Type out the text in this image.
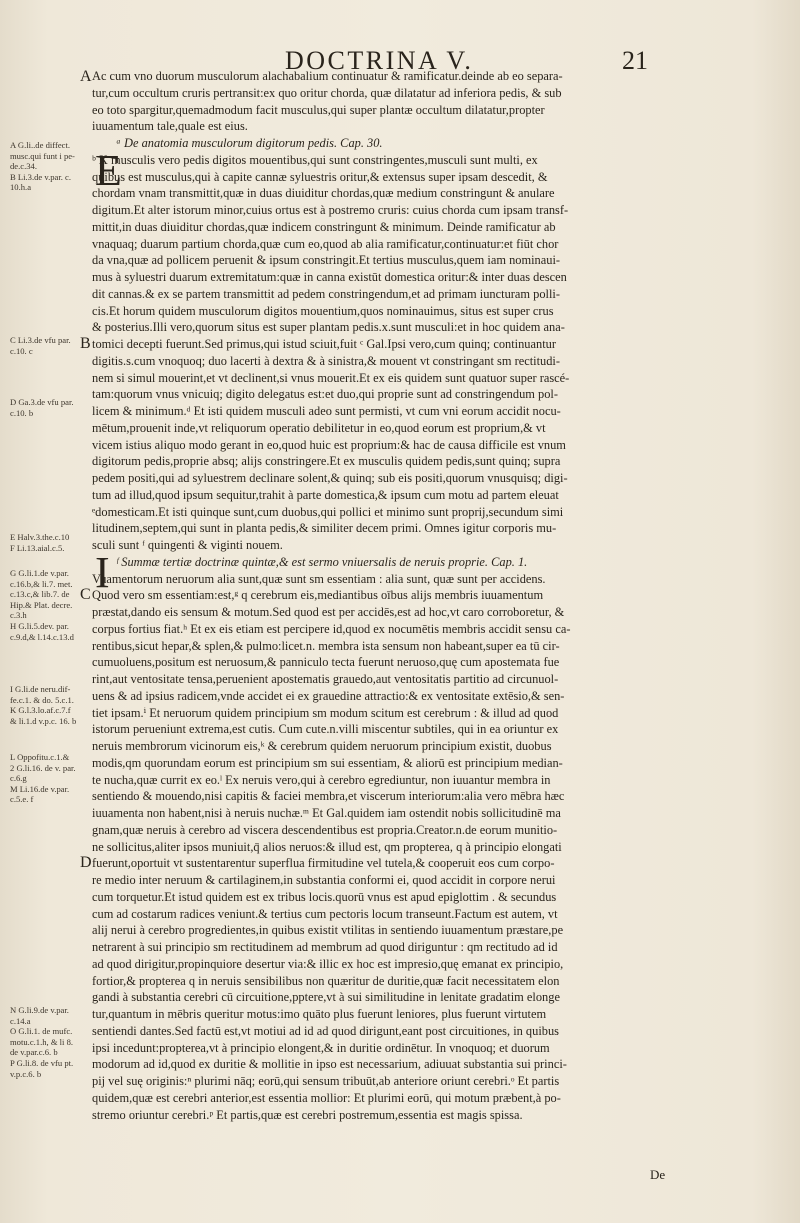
DOCTRINA V.	21
A
B
C
D
A G.li..de diffect.
musc.qui funt i pe-
de.c.34.
B Li.3.de v.par. c.
10.h.a
C Li.3.de vfu par.
c.10. c
D Ga.3.de vfu par.
c.10. b
E Halv.3.the.c.10
F Li.13.aial.c.5.
G G.li.1.de v.par.
c.16.b,& li.7. met.
c.13.c,& lib.7. de
Hip.& Plat. decre.
c.3.h
H G.li.5.dev. par.
c.9.d,& l.14.c.13.d
I G.li.de neru.dif-
fe.c.1. & do. 5.c.1.
K G.l.3.lo.af.c.7.f
& li.1.d v.p.c. 16. b
L Oppofitu.c.1.&
2 G.li.16. de v. par.
c.6.g
M Li.16.de v.par.
c.5.e. f
N G.li.9.de v.par.
c.14.a
O G.li.1. de mufc.
motu.c.1.h, & li 8.
de v.par.c.6. b
P G.li.8. de vfu pt.
v.p.c.6. b
E
I
Ac cum vno duorum musculorum alachabalium continuatur & ramificatur.deinde ab eo separa-
tur,cum occultum cruris pertransit:ex quo oritur chorda, quæ dilatatur ad inferiora pedis, & sub
eo toto spargitur,quemadmodum facit musculus,qui super plantæ occultum dilatatur,propter
iuuamentum tale,quale est eius.
ᵃ De anatomia musculorum digitorum pedis. Cap. 30.
ᵇ X musculis vero pedis digitos mouentibus,qui sunt constringentes,musculi sunt multi, ex
quibus est musculus,qui à capite cannæ syluestris oritur,& extensus super ipsam descedit, &
chordam vnam transmittit,quæ in duas diuiditur chordas,quæ medium constringunt & anulare
digitum.Et alter istorum minor,cuius ortus est à postremo cruris: cuius chorda cum ipsam transf-
mittit,in duas diuiditur chordas,quæ indicem constringunt & minimum. Deinde ramificatur ab
vnaquaq; duarum partium chorda,quæ cum eo,quod ab alia ramificatur,continuatur:et fiūt chor
da vna,quæ ad pollicem peruenit & ipsum constringit.Et tertius musculus,quem iam nominaui-
mus à syluestri duarum extremitatum:quæ in canna existūt domestica oritur:& inter duas descen
dit cannas.& ex se partem transmittit ad pedem constringendum,et ad primam iuncturam polli-
cis.Et horum quidem musculorum digitos mouentium,quos nominauimus, situs est super crus
& posterius.Illi vero,quorum situs est super plantam pedis.x.sunt musculi:et in hoc quidem ana-
tomici decepti fuerunt.Sed primus,qui istud sciuit,fuit ᶜ Gal.Ipsi vero,cum quinq; continuantur
digitis.s.cum vnoquoq; duo lacerti à dextra & à sinistra,& mouent vt constringant sm rectitudi-
nem si simul mouerint,et vt declinent,si vnus mouerit.Et ex eis quidem sunt quatuor super rascé-
tam:quorum vnus vnicuiq; digito delegatus est:et duo,qui proprie sunt ad constringendum pol-
licem & minimum.ᵈ Et isti quidem musculi adeo sunt permisti, vt cum vni eorum accidit nocu-
mētum,prouenit inde,vt reliquorum operatio debilitetur in eo,quod eorum est proprium,& vt
vicem istius aliquo modo gerant in eo,quod huic est proprium:& hac de causa difficile est vnum
digitorum pedis,proprie absq; alijs constringere.Et ex musculis quidem pedis,sunt quinq; supra
pedem positi,qui ad syluestrem declinare solent,& quinq; sub eis positi,quorum vnusquisq; digi-
tum ad illud,quod ipsum sequitur,trahit à parte domestica,& ipsum cum motu ad partem eleuat
ᵉdomesticam.Et isti quinque sunt,cum duobus,qui pollici et minimo sunt proprij,secundum simi
litudinem,septem,qui sunt in planta pedis,& similiter decem primi. Omnes igitur corporis mu-
sculi sunt ᶠ quingenti & viginti nouem.
ᶠ Summæ tertiæ doctrinæ quintæ,& est sermo vniuersalis de neruis proprie. Cap. 1.
Vuamentorum neruorum alia sunt,quæ sunt sm essentiam : alia sunt, quæ sunt per accidens.
Quod vero sm essentiam:est,ᵍ q cerebrum eis,mediantibus oībus alijs membris iuuamentum
præstat,dando eis sensum & motum.Sed quod est per accidēs,est ad hoc,vt caro corroboretur, &
corpus fortius fiat.ʰ Et ex eis etiam est percipere id,quod ex nocumētis membris accidit sensu ca-
rentibus,sicut hepar,& splen,& pulmo:licet.n. membra ista sensum non habeant,super ea tū cir-
cumuoluens,positum est neruosum,& panniculo tecta fuerunt neruoso,quę cum apostemata fue
rint,aut ventositate tensa,peruenient apostematis grauedo,aut ventositatis partitio ad circunuol-
uens & ad ipsius radicem,vnde accidet ei ex grauedine attractio:& ex ventositate extēsio,& sen-
tiet ipsam.ⁱ Et neruorum quidem principium sm modum scitum est cerebrum : & illud ad quod
istorum perueniunt extrema,est cutis. Cum cute.n.villi miscentur subtiles, qui in ea oriuntur ex
neruis membrorum vicinorum eis,ᵏ & cerebrum quidem neruorum principium existit, duobus
modis,qm quorundam eorum est principium sm sui essentiam, & aliorū est principium median-
te nucha,quæ currit ex eo.ˡ Ex neruis vero,qui à cerebro egrediuntur, non iuuantur membra in
sentiendo & mouendo,nisi capitis & faciei membra,et viscerum interiorum:alia vero mēbra hæc
iuuamenta non habent,nisi à neruis nuchæ.ᵐ Et Gal.quidem iam ostendit nobis sollicitudinē ma
gnam,quæ neruis à cerebro ad viscera descendentibus est propria.Creator.n.de eorum munitio-
ne sollicitus,aliter ipsos muniuit,q̄ alios neruos:& illud est, qm propterea, q à principio elongati
fuerunt,oportuit vt sustentarentur superflua firmitudine vel tutela,& cooperuit eos cum corpo-
re medio inter neruum & cartilaginem,in substantia conformi ei, quod accidit in corpore nerui
cum torquetur.Et istud quidem est ex tribus locis.quorū vnus est apud epiglottim . & secundus
cum ad costarum radices veniunt.& tertius cum pectoris locum transeunt.Factum est autem, vt
alij nerui à cerebro progredientes,in quibus existit vtilitas in sentiendo iuuamentum præstare,pe
netrarent à sui principio sm rectitudinem ad membrum ad quod diriguntur : qm rectitudo ad id
ad quod dirigitur,propinquiore desertur via:& illic ex hoc est impresio,quę emanat ex principio,
fortior,& propterea q in neruis sensibilibus non quæritur de duritie,quæ facit necessitatem elon
gandi à substantia cerebri cū circuitione,pptere,vt à sui similitudine in lenitate gradatim elonge
tur,quantum in mēbris queritur motus:imo quāto plus fuerunt leniores, plus fuerunt virtutem
sentiendi dantes.Sed factū est,vt motiui ad id ad quod dirigunt,eant post circuitiones, in quibus
ipsi incedunt:propterea,vt à principio elongent,& in duritie ordinētur. In vnoquoq; et duorum
modorum ad id,quod ex duritie & mollitie in ipso est necessarium, adiuuat substantia sui princi-
pij vel suę originis:ⁿ plurimi nāq; eorū,qui sensum tribuūt,ab anteriore oriunt cerebri.ᵒ Et partis
quidem,quæ est cerebri anterior,est essentia mollior: Et plurimi eorū, qui motum præbent,à po-
stremo oriuntur cerebri.ᵖ Et partis,quæ est cerebri postremum,essentia est magis spissa.
De
